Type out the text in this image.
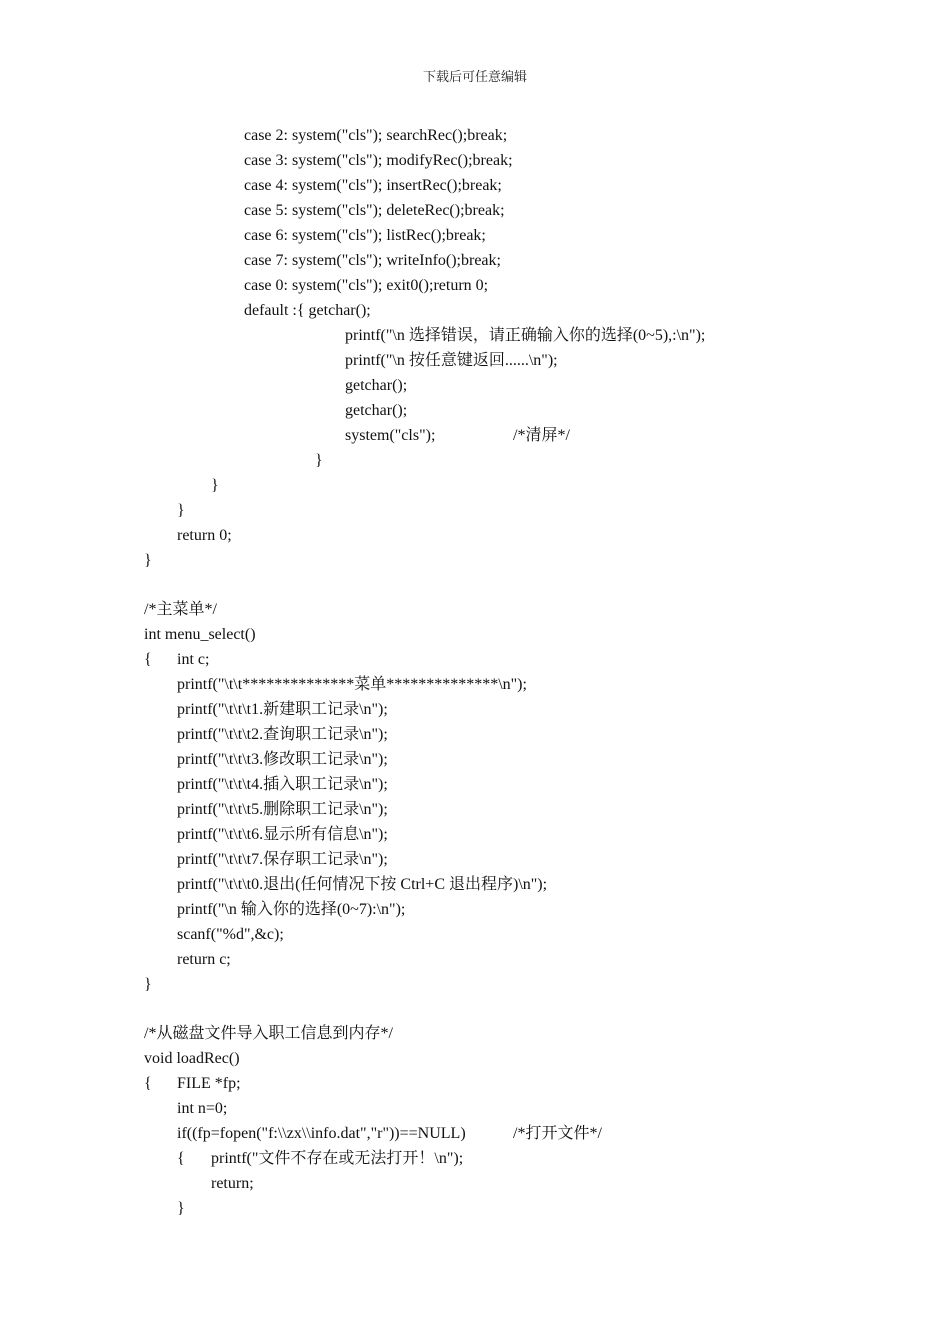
下载后可任意编辑
case 2: system("cls"); searchRec();break;
case 3: system("cls"); modifyRec();break;
case 4: system("cls"); insertRec();break;
case 5: system("cls"); deleteRec();break;
case 6: system("cls"); listRec();break;
case 7: system("cls"); writeInfo();break;
case 0: system("cls"); exit0();return 0;
default :{ getchar();
printf("\n 选择错误，请正确输入你的选择(0~5),:\n");
printf("\n 按任意键返回......\n");
getchar();
getchar();

system("cls");

	/*清屏*/

}
}
}
return 0;
}
/*主菜单*/
int menu_select()

{

int c;

printf("\t\t**************菜单**************\n");
printf("\t\t\t1.新建职工记录\n");
printf("\t\t\t2.查询职工记录\n");
printf("\t\t\t3.修改职工记录\n");
printf("\t\t\t4.插入职工记录\n");
printf("\t\t\t5.删除职工记录\n");
printf("\t\t\t6.显示所有信息\n");
printf("\t\t\t7.保存职工记录\n");
printf("\t\t\t0.退出(任何情况下按 Ctrl+C 退出程序)\n");
printf("\n 输入你的选择(0~7):\n");
scanf("%d",&c);
return c;
}
/*从磁盘文件导入职工信息到内存*/
void loadRec()

{

FILE *fp;

int n=0;

if((fp=fopen("f:\\zx\\info.dat","r"))==NULL)

	/*打开文件*/

{

printf("文件不存在或无法打开！\n");

return;
}
